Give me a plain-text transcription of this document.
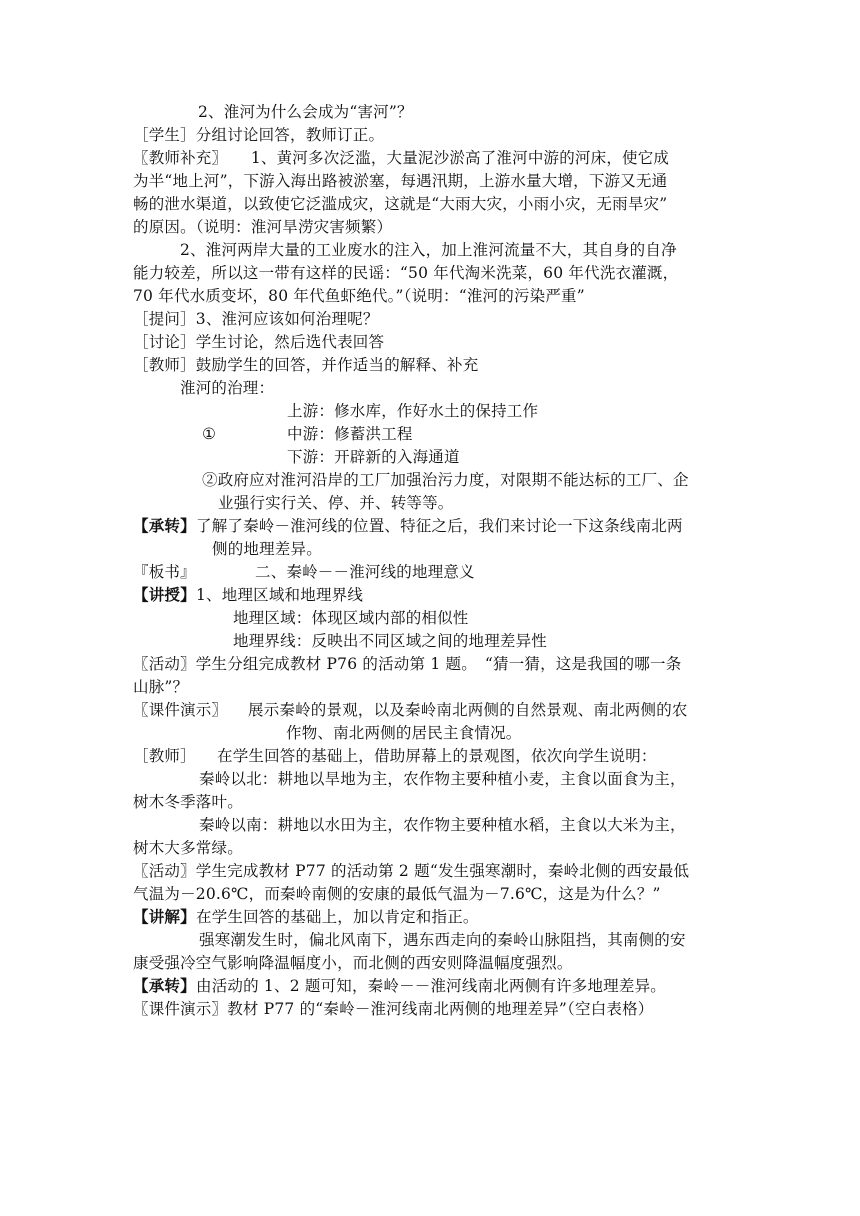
2、淮河为什么会成为“害河”？
［学生］分组讨论回答，教师订正。
〖教师补充〗　　1、黄河多次泛滥，大量泥沙淤高了淮河中游的河床，使它成
为半“地上河”，下游入海出路被淤塞，每遇汛期，上游水量大增，下游又无通
畅的泄水渠道，以致使它泛滥成灾，这就是“大雨大灾，小雨小灾，无雨旱灾”
的原因。（说明：淮河旱涝灾害频繁）
2、淮河两岸大量的工业废水的注入，加上淮河流量不大，其自身的自净
能力较差，所以这一带有这样的民谣：“50 年代淘米洗菜，60 年代洗衣灌溉，
70 年代水质变坏，80 年代鱼虾绝代。”（说明：“淮河的污染严重”
［提问］3、淮河应该如何治理呢？
［讨论］学生讨论，然后选代表回答
［教师］鼓励学生的回答，并作适当的解释、补充
淮河的治理：
上游：修水库，作好水土的保持工作
①	中游：修蓄洪工程
下游：开辟新的入海通道
②政府应对淮河沿岸的工厂加强治污力度，对限期不能达标的工厂、企
业强行实行关、停、并、转等等。
【承转】 了解了秦岭－淮河线的位置、特征之后，我们来讨论一下这条线南北两
侧的地理差异。
『板书』	二、秦岭－－淮河线的地理意义
【讲授】 1、地理区域和地理界线
地理区域：体现区域内部的相似性
地理界线：反映出不同区域之间的地理差异性
〖活动〗学生分组完成教材 P76 的活动第 1 题。　“猜一猜，这是我国的哪一条
山脉”？
〖课件演示〗 展示秦岭的景观，以及秦岭南北两侧的自然景观、南北两侧的农
作物、南北两侧的居民主食情况。
［教师］ 在学生回答的基础上，借助屏幕上的景观图，依次向学生说明：
秦岭以北：耕地以旱地为主，农作物主要种植小麦，主食以面食为主，
树木冬季落叶。
秦岭以南：耕地以水田为主，农作物主要种植水稻，主食以大米为主，
树木大多常绿。
〖活动〗学生完成教材 P77 的活动第 2 题“发生强寒潮时，秦岭北侧的西安最低
气温为－20.6℃，而秦岭南侧的安康的最低气温为－7.6℃，这是为什么？”
【讲解】 在学生回答的基础上，加以肯定和指正。
强寒潮发生时，偏北风南下，遇东西走向的秦岭山脉阻挡，其南侧的安
康受强冷空气影响降温幅度小，而北侧的西安则降温幅度强烈。
【承转】 由活动的 1、2 题可知，秦岭－－淮河线南北两侧有许多地理差异。
〖课件演示〗教材 P77 的“秦岭－淮河线南北两侧的地理差异”（空白表格）
